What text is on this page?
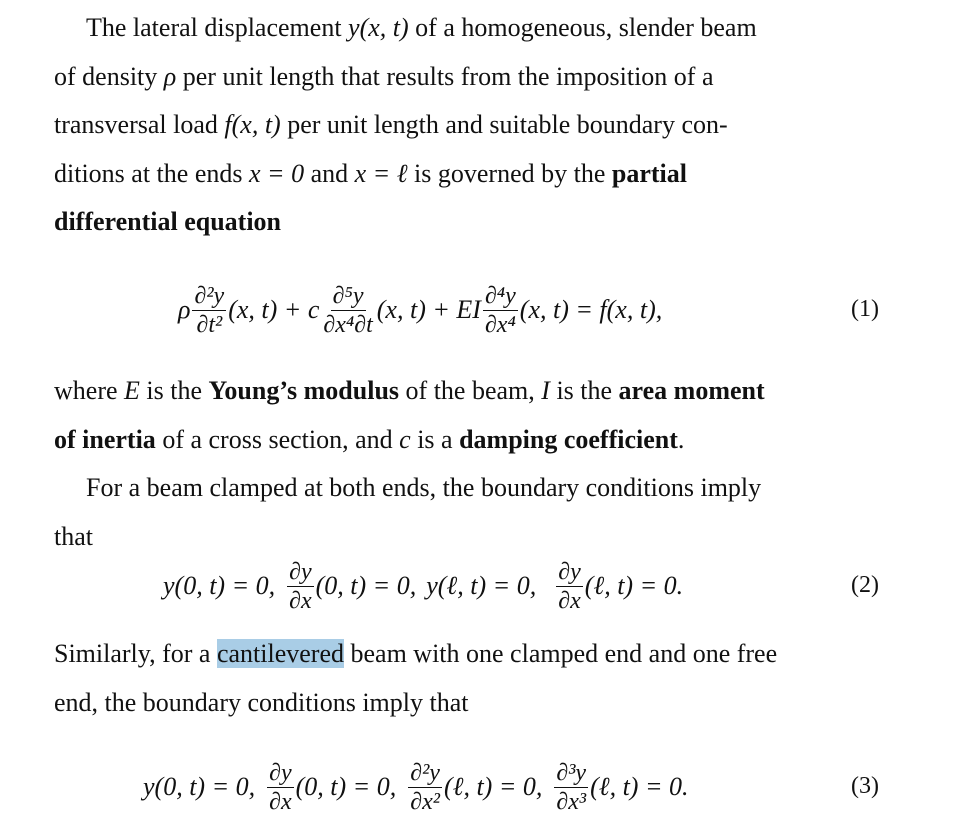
The lateral displacement y(x, t) of a homogeneous, slender beam
of density ρ per unit length that results from the imposition of a
transversal load f(x, t) per unit length and suitable boundary con-
ditions at the ends x = 0 and x = ℓ is governed by the partial
differential equation
ρ $\frac{\text{∂²y}}{\text{∂t²}} (x$, t) + c $\frac{\text{∂⁵y}}{\text{∂x⁴∂t}} (x$, t) + EI $\frac{\text{∂⁴y}}{\text{∂x⁴}} (x$, t) = f(x, t),	(1)
where E is the Young’s modulus of the beam, I is the area moment
of inertia of a cross section, and c is a damping coefficient.
For a beam clamped at both ends, the boundary conditions imply
that
y(0, t) = 0, $\frac{\partial y}{\partial x} (0$, t) = 0, y(ℓ, t) = 0, $\frac{\partial y}{\partial x}$ (ℓ, t) = 0.	(2)
Similarly, for a cantilevered beam with one clamped end and one free
end, the boundary conditions imply that
y(0, t) = 0, $\frac{\partial y}{\partial x} (0$, t) = 0, $\frac{\text{∂²y}}{\text{∂x²}}$ (ℓ, t) = 0, $\frac{\text{∂³y}}{\text{∂x³}}$ (ℓ, t) = 0.	(3)
